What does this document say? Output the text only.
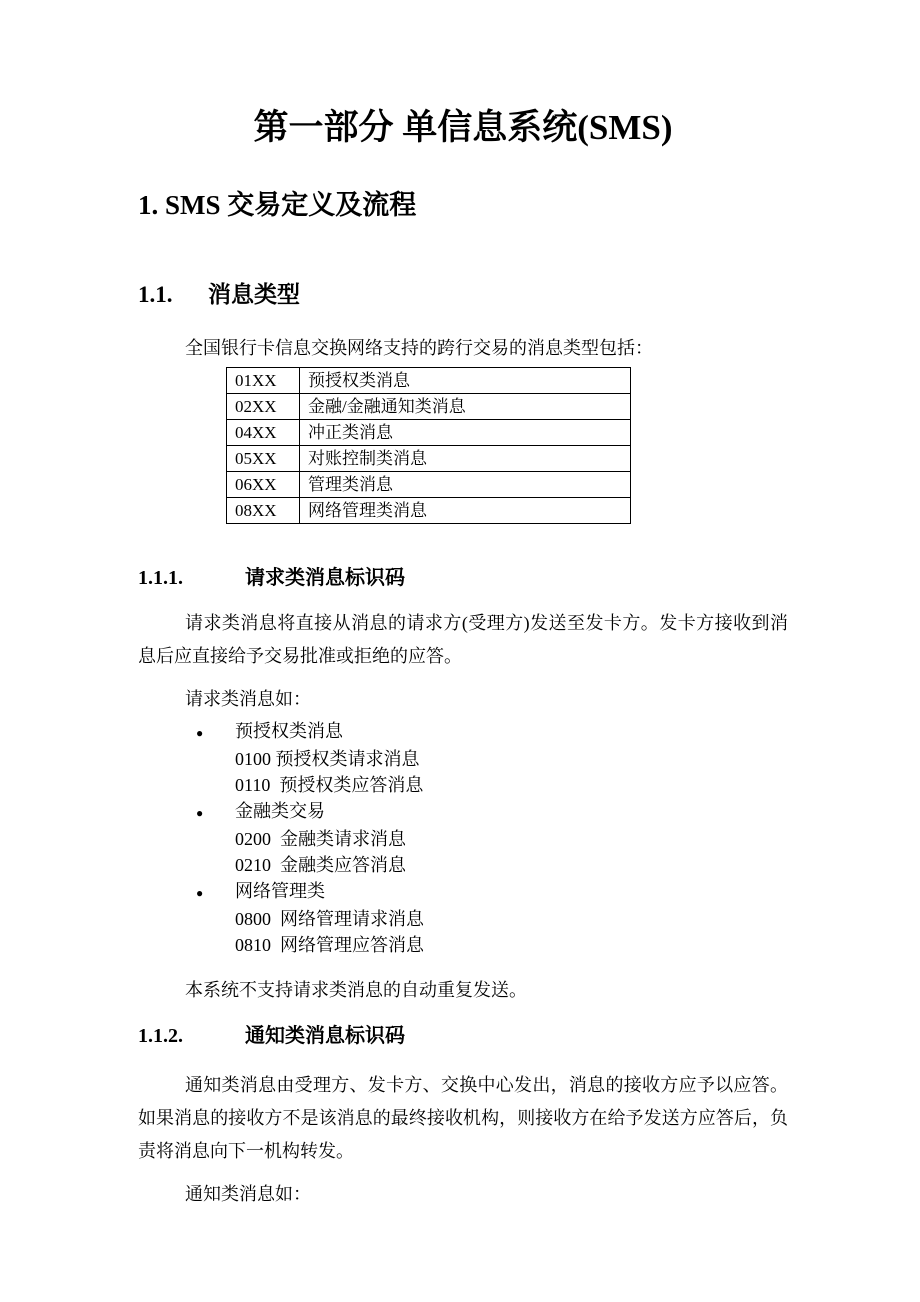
第一部分 单信息系统(SMS)
1. SMS 交易定义及流程
1.1. 消息类型

全国银行卡信息交换网络支持的跨行交易的消息类型包括：

01XX	预授权类消息
02XX	金融/金融通知类消息
04XX	冲正类消息
05XX	对账控制类消息
06XX	管理类消息
08XX	网络管理类消息
1.1.1.	请求类消息标识码

请求类消息将直接从消息的请求方(受理方)发送至发卡方。发卡方接收到消息后应直接给予交易批准或拒绝的应答。

请求类消息如：

● 预授权类消息
0100 预授权类请求消息
0110  预授权类应答消息
● 金融类交易
0200  金融类请求消息
0210  金融类应答消息
● 网络管理类
0800  网络管理请求消息
0810  网络管理应答消息

本系统不支持请求类消息的自动重复发送。

1.1.2.	通知类消息标识码

通知类消息由受理方、发卡方、交换中心发出，消息的接收方应予以应答。如果消息的接收方不是该消息的最终接收机构，则接收方在给予发送方应答后，负责将消息向下一机构转发。

通知类消息如：
